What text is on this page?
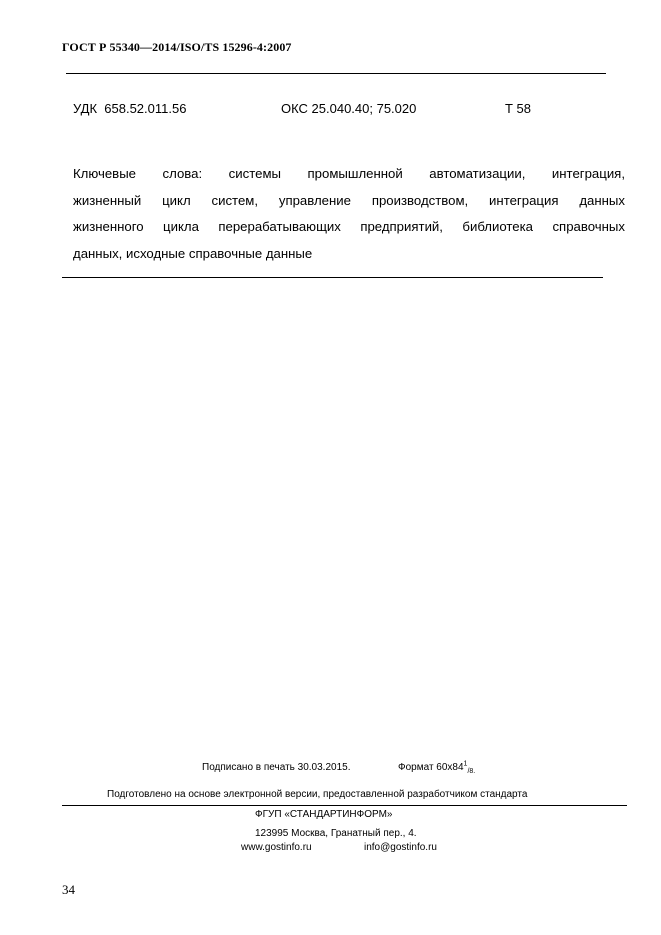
ГОСТ Р 55340—2014/ISO/TS 15296-4:2007
УДК  658.52.011.56	ОКС 25.040.40; 75.020	Т 58
Ключевые слова: системы промышленной автоматизации, интеграция,
жизненный цикл систем, управление производством, интеграция данных
жизненного цикла перерабатывающих предприятий, библиотека справочных
данных, исходные справочные данные
Подписано в печать 30.03.2015.	Формат $60x84^1_{/8.}$
Подготовлено на основе электронной версии, предоставленной разработчиком стандарта
ФГУП «СТАНДАРТИНФОРМ»
123995 Москва, Гранатный пер., 4.
www.gostinfo.ru	info@gostinfo.ru
34
